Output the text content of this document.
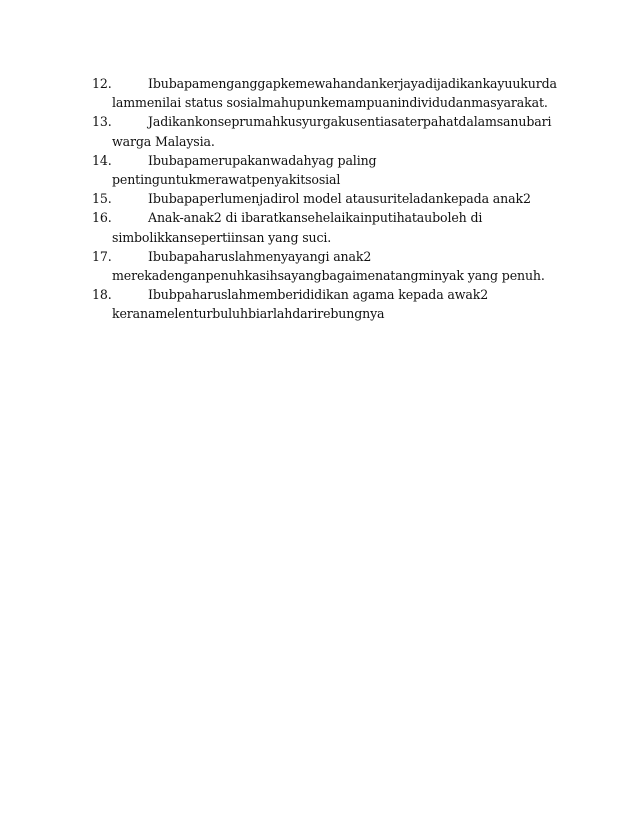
12.	Ibubapamenganggapkemewahandankerjayadijadikankayuukurda
lammenilai status sosialmahupunkemampuanindividudanmasyarakat.
13.	Jadikankonseprumahkusyurgakusentiasaterpahatdalamsanubari
warga Malaysia.
14.	Ibubapamerupakanwadahyag paling
pentinguntukmerawatpenyakitsosial
15.	Ibubapaperlumenjadirol model atausuriteladankepada anak2
16.	Anak-anak2 di ibaratkansehelaikainputihatauboleh di
simbolikkansepertiinsan yang suci.
17.	Ibubapaharuslahmenyayangi anak2
merekadenganpenuhkasihsayangbagaimenatangminyak yang penuh.
18.	Ibubpaharuslahmemberididikan agama kepada awak2
keranamelenturbuluhbiarlahdarirebungnya
